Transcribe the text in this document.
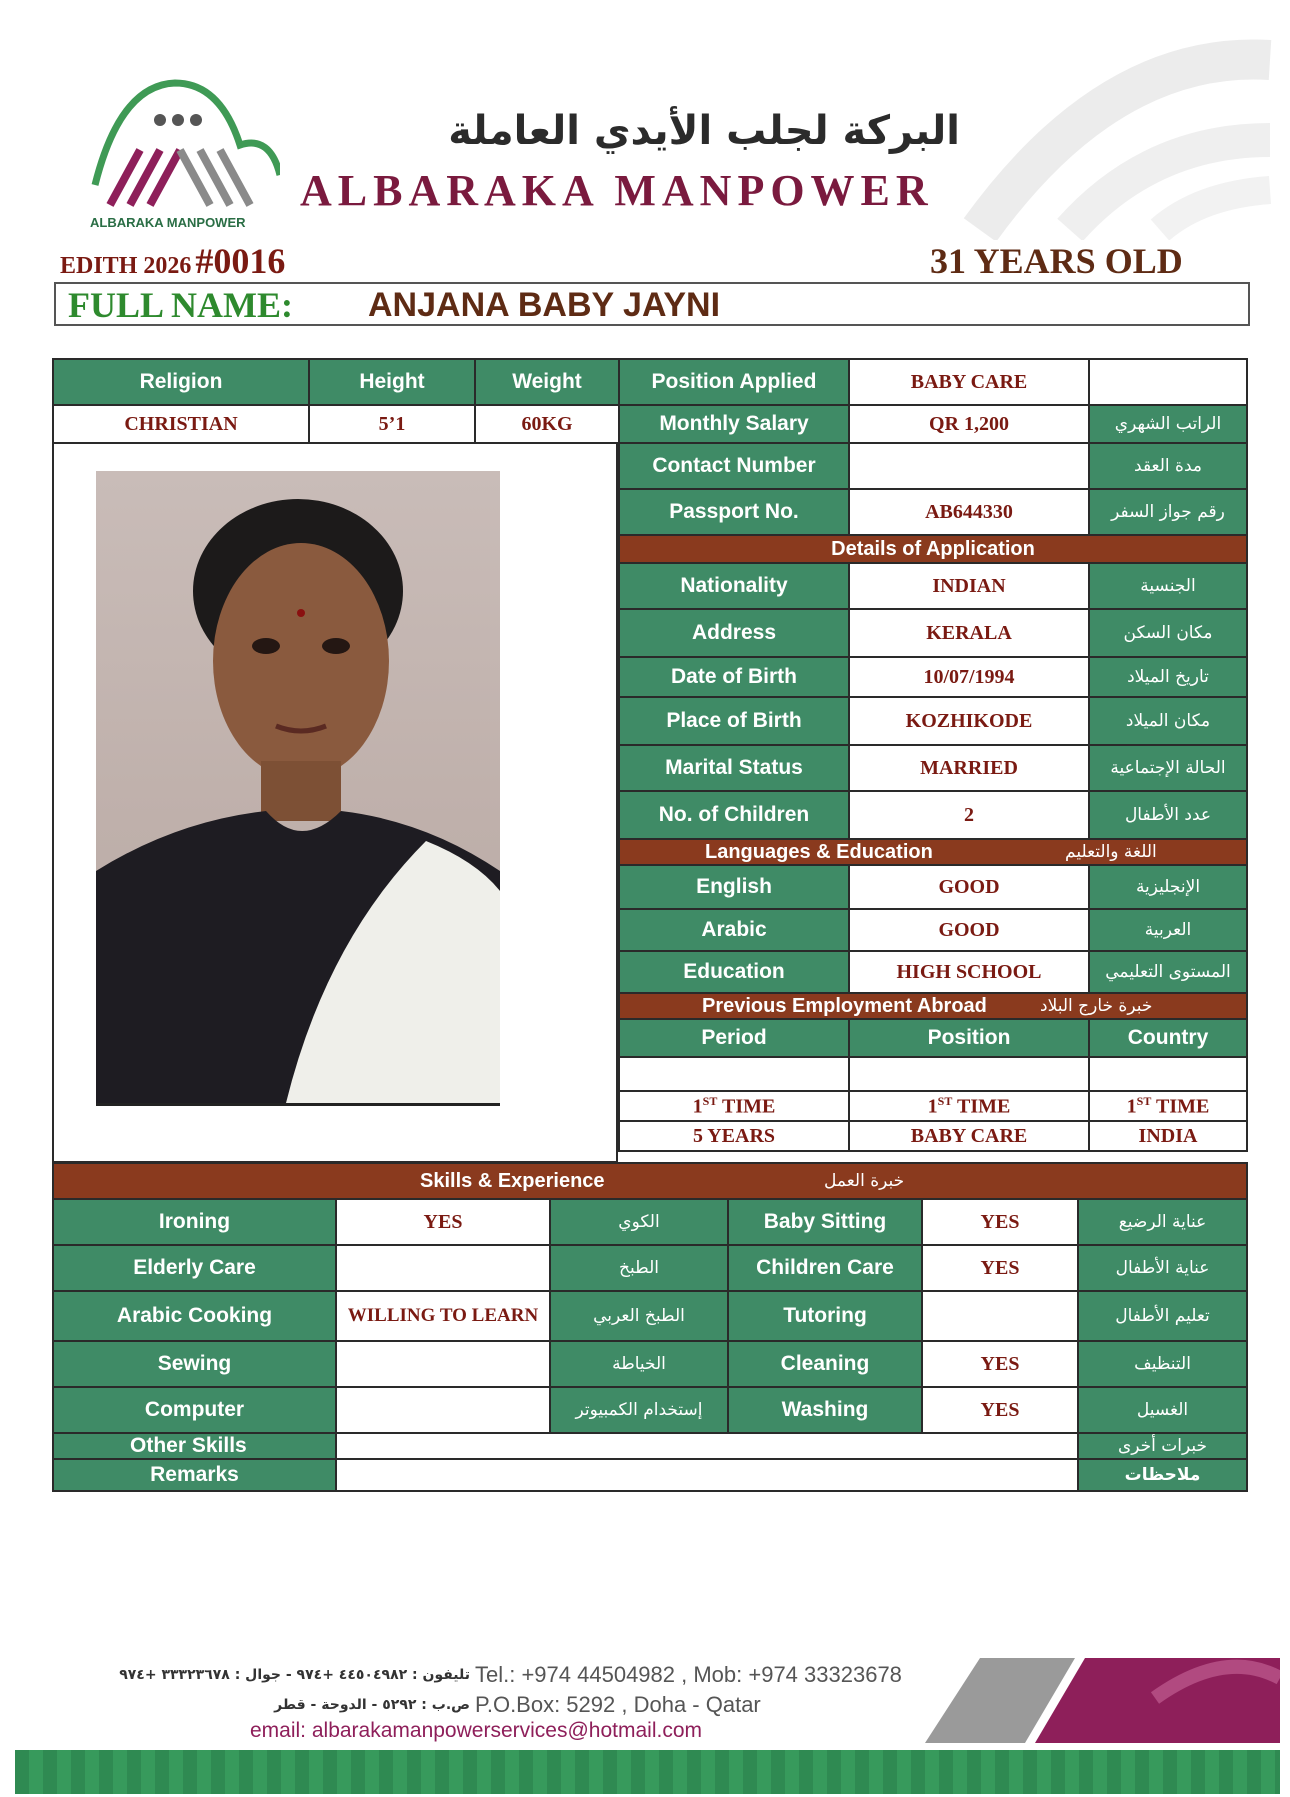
ALBARAKA MANPOWER
البركة لجلب الأيدي العاملة
ALBARAKA MANPOWER
EDITH 2026 #0016	31 YEARS OLD
FULL NAME: ANJANA BABY JAYNI
Religion	Height	Weight
CHRISTIAN	5’1	60KG
Position Applied	BABY CARE	
Monthly Salary	QR 1,200	الراتب الشهري
Contact Number		مدة العقد
Passport No.	AB644330	رقم جواز السفر
Details of Application		
Nationality	INDIAN	الجنسية
Address	KERALA	مكان السكن
Date of Birth	10/07/1994	تاريخ الميلاد
Place of Birth	KOZHIKODE	مكان الميلاد
Marital Status	MARRIED	الحالة الإجتماعية
No. of Children	2	عدد الأطفال

Languages & Education اللغة والتعليم		

English	GOOD	الإنجليزية
Arabic	GOOD	العربية
Education	HIGH SCHOOL	المستوى التعليمي

Previous Employment Abroad خبرة خارج البلاد		

Period	Position	Country

1ST TIME	1ST TIME	1ST TIME
5 YEARS	BABY CARE	INDIA
Skills & Experience خبرة العمل					

Ironing	YES	الكوي	Baby Sitting	YES	عناية الرضيع
Elderly Care		الطبخ	Children Care	YES	عناية الأطفال
Arabic Cooking	WILLING TO LEARN	الطبخ العربي	Tutoring		تعليم الأطفال
Sewing		الخياطة	Cleaning	YES	التنظيف
Computer		إستخدام الكمبيوتر	Washing	YES	الغسيل
Other Skills					خبرات أخرى
Remarks					ملاحظات
تليفون : ٤٤٥٠٤٩٨٢ +٩٧٤ - جوال : ٣٣٣٢٣٦٧٨ +٩٧٤ Tel.: +974 44504982 , Mob: +974 33323678
ص.ب : ٥٢٩٢ - الدوحة - قطر P.O.Box: 5292 , Doha - Qatar
email: albarakamanpowerservices@hotmail.com
